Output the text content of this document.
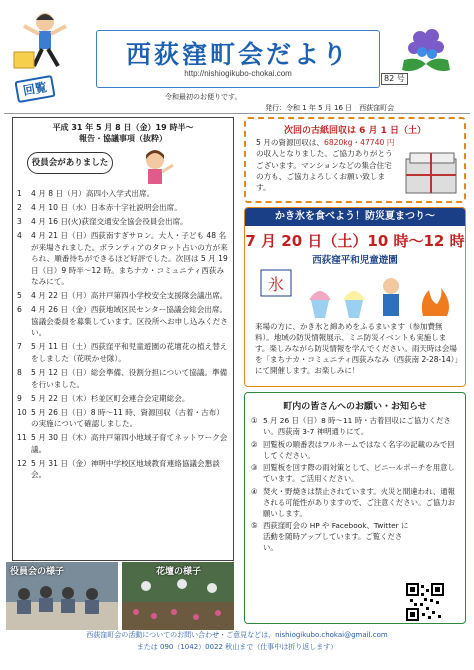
回覧
西荻窪町会だより
http://nishiogikubo-chokai.com
82 号
令和最初のお便りです。
発行：令和 1 年 5 月 16 日　西荻窪町会
平成 31 年 5 月 8 日（金）19 時半～
報告・協議事項（抜粋）
役員会がありました
1	4 月 8 日（月）高四小入学式出席。
2	4 月 10 日（水）日本赤十字社説明会出席。
3	4 月 16 日(火)荻窪交通安全協会役員会出席。
4	4 月 21 日（日）西荻南すぎサロン。大人・子ども 48 名が来場されました。ボランティアのタロット占いの方が来られ、順番待ちができるほど好評でした。次回は 5 月 19 日（日）9 時半～12 時。まちナカ・コミュニティ西荻みなみにて。
5	4 月 22 日（月）高井戸第四小学校安全支援隊会議出席。
6	4 月 26 日（金）西荻地域区民センター協議会総会出席。協議会委員を募集しています。区役所へお申し込みください。
7	5 月 11 日（土）西荻窪平和児童遊園の花壇花の植え替えをしました（花咲かせ隊）。
8	5 月 12 日（日）総会準備、役割分担について協議。準備を行いました。
9	5 月 22 日（木）杉並区町会連合会定期総会。
10 5 月 26 日（日）8 時～11 時、資源回収（古着・古布）の実施について確認しました。
11 5 月 30 日（木）高井戸第四小地域子育てネットワーク会議。
12 5 月 31 日（金）神明中学校区地域教育連絡協議会懇談会。
役員会の様子	花壇の様子
次回の古紙回収は 6 月 1 日（土）
5 月の資源回収は、6820kg・47740 円の収入となりました。ご協力ありがとうございます。マンションなどの集合住宅の方も、ご協力よろしくお願い致します。
かき氷を食べよう！防災夏まつり～
7 月 20 日（土）10 時～12 時
西荻窪平和児童遊園
氷
来場の方に、かき氷と綿あめをふるまいます（参加費無料）。地域の防災情報展示、ミニ防災イベントも実施します。楽しみながら防災情報を学んでください。雨天時は会場を「まちナカ・コミュニティ西荻みなみ（西荻南 2-28-14）」にて開催します。お楽しみに！
町内の皆さんへのお願い・お知らせ
① 5 月 26 日（日）8 時～11 時・古着回収にご協力ください。西荻南 3-7 神明通りにて。
② 回覧板の順番表はフルネームではなく名字の記載のみで回してください。
③ 回覧板を回す際の雨対策として、ビニールポーチを用意しています。ご活用ください。
④ 焚火・野焼きは禁止されています。火災と間違われ、通報される可能性がありますので、ご注意ください。ご協力お願いします。
⑤ 西荻窪町会の HP や Facebook、Twitter に活動を随時アップしています。ご覧ください。
西荻窪町会の活動についてのお問い合わせ・ご意見などは、nishiogikubo.chokai@gmail.com
または 090（1042）0022 秋山まで（仕事中は折り返します）
